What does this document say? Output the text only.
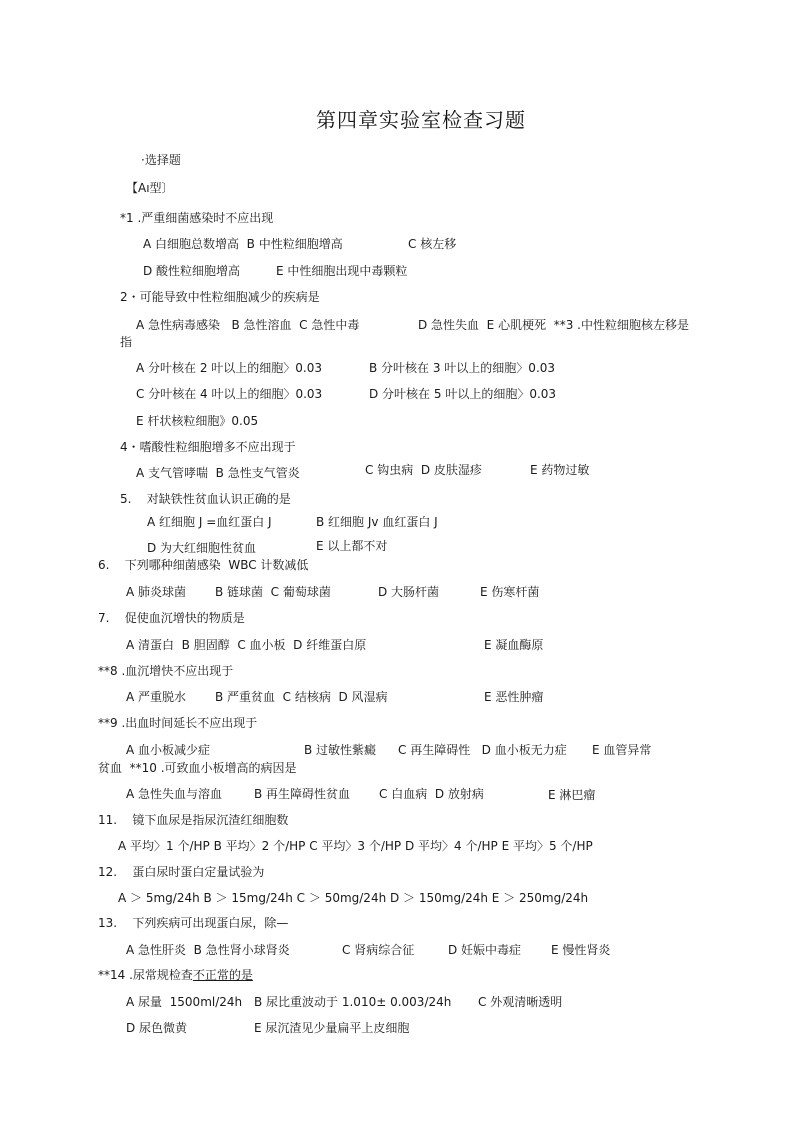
第四章实验室检查习题
·选择题
【Aı型〕
*1 .严重细菌感染时不应出现
A 白细胞总数增高  B 中性粒细胞增高	C 核左移
D 酸性粒细胞增高	E 中性细胞出现中毒颗粒
2・可能导致中性粒细胞减少的疾病是
A 急性病毒感染   B 急性溶血  C 急性中毒	D 急性失血  E 心肌梗死  **3 .中性粒细胞核左移是
指
A 分叶核在 2 叶以上的细胞〉0.03	B 分叶核在 3 叶以上的细胞〉0.03
C 分叶核在 4 叶以上的细胞〉0.03	D 分叶核在 5 叶以上的细胞〉0.03
E 杆状核粒细胞》0.05
4・嗜酸性粒细胞增多不应出现于
A 支气管哮喘  B 急性支气管炎	C 钩虫病  D 皮肤湿疹	E 药物过敏
5.    对缺铁性贫血认识正确的是
A 红细胞 J =血红蛋白 J	B 红细胞 Jv 血红蛋白 J
D 为大红细胞性贫血	E 以上都不对
6.    下列哪种细菌感染  WBC 计数减低
A 肺炎球菌 B 链球菌  C 葡萄球菌	D 大肠杆菌	E 伤寒杆菌
7.    促使血沉增快的物质是
A 清蛋白  B 胆固醇  C 血小板  D 纤维蛋白原	E 凝血酶原
**8 .血沉增快不应出现于
A 严重脱水 B 严重贫血  C 结核病  D 风湿病	E 恶性肿瘤
**9 .出血时间延长不应出现于
A 血小板减少症	B 过敏性紫癜 C 再生障碍性   D 血小板无力症 E 血管异常
贫血  **10 .可致血小板增高的病因是
A 急性失血与溶血	B 再生障碍性贫血 C 白血病  D 放射病	E 淋巴瘤
11.    镜下血尿是指尿沉渣红细胞数
A 平均〉1 个/HP B 平均〉2 个/HP C 平均〉3 个/HP D 平均〉4 个/HP E 平均〉5 个/HP
12.    蛋白尿时蛋白定量试验为
A ＞ 5mg/24h B ＞ 15mg/24h C ＞ 50mg/24h D ＞ 150mg/24h E ＞ 250mg/24h
13.    下列疾病可出现蛋白尿，除—
A 急性肝炎  B 急性肾小球肾炎	C 肾病综合征	D 妊娠中毒症 E 慢性肾炎
**14 .尿常规检查不正常的是
A 尿量  1500ml/24h B 尿比重波动于 1.010± 0.003/24h C 外观清晰透明
D 尿色微黄	E 尿沉渣见少量扁平上皮细胞
